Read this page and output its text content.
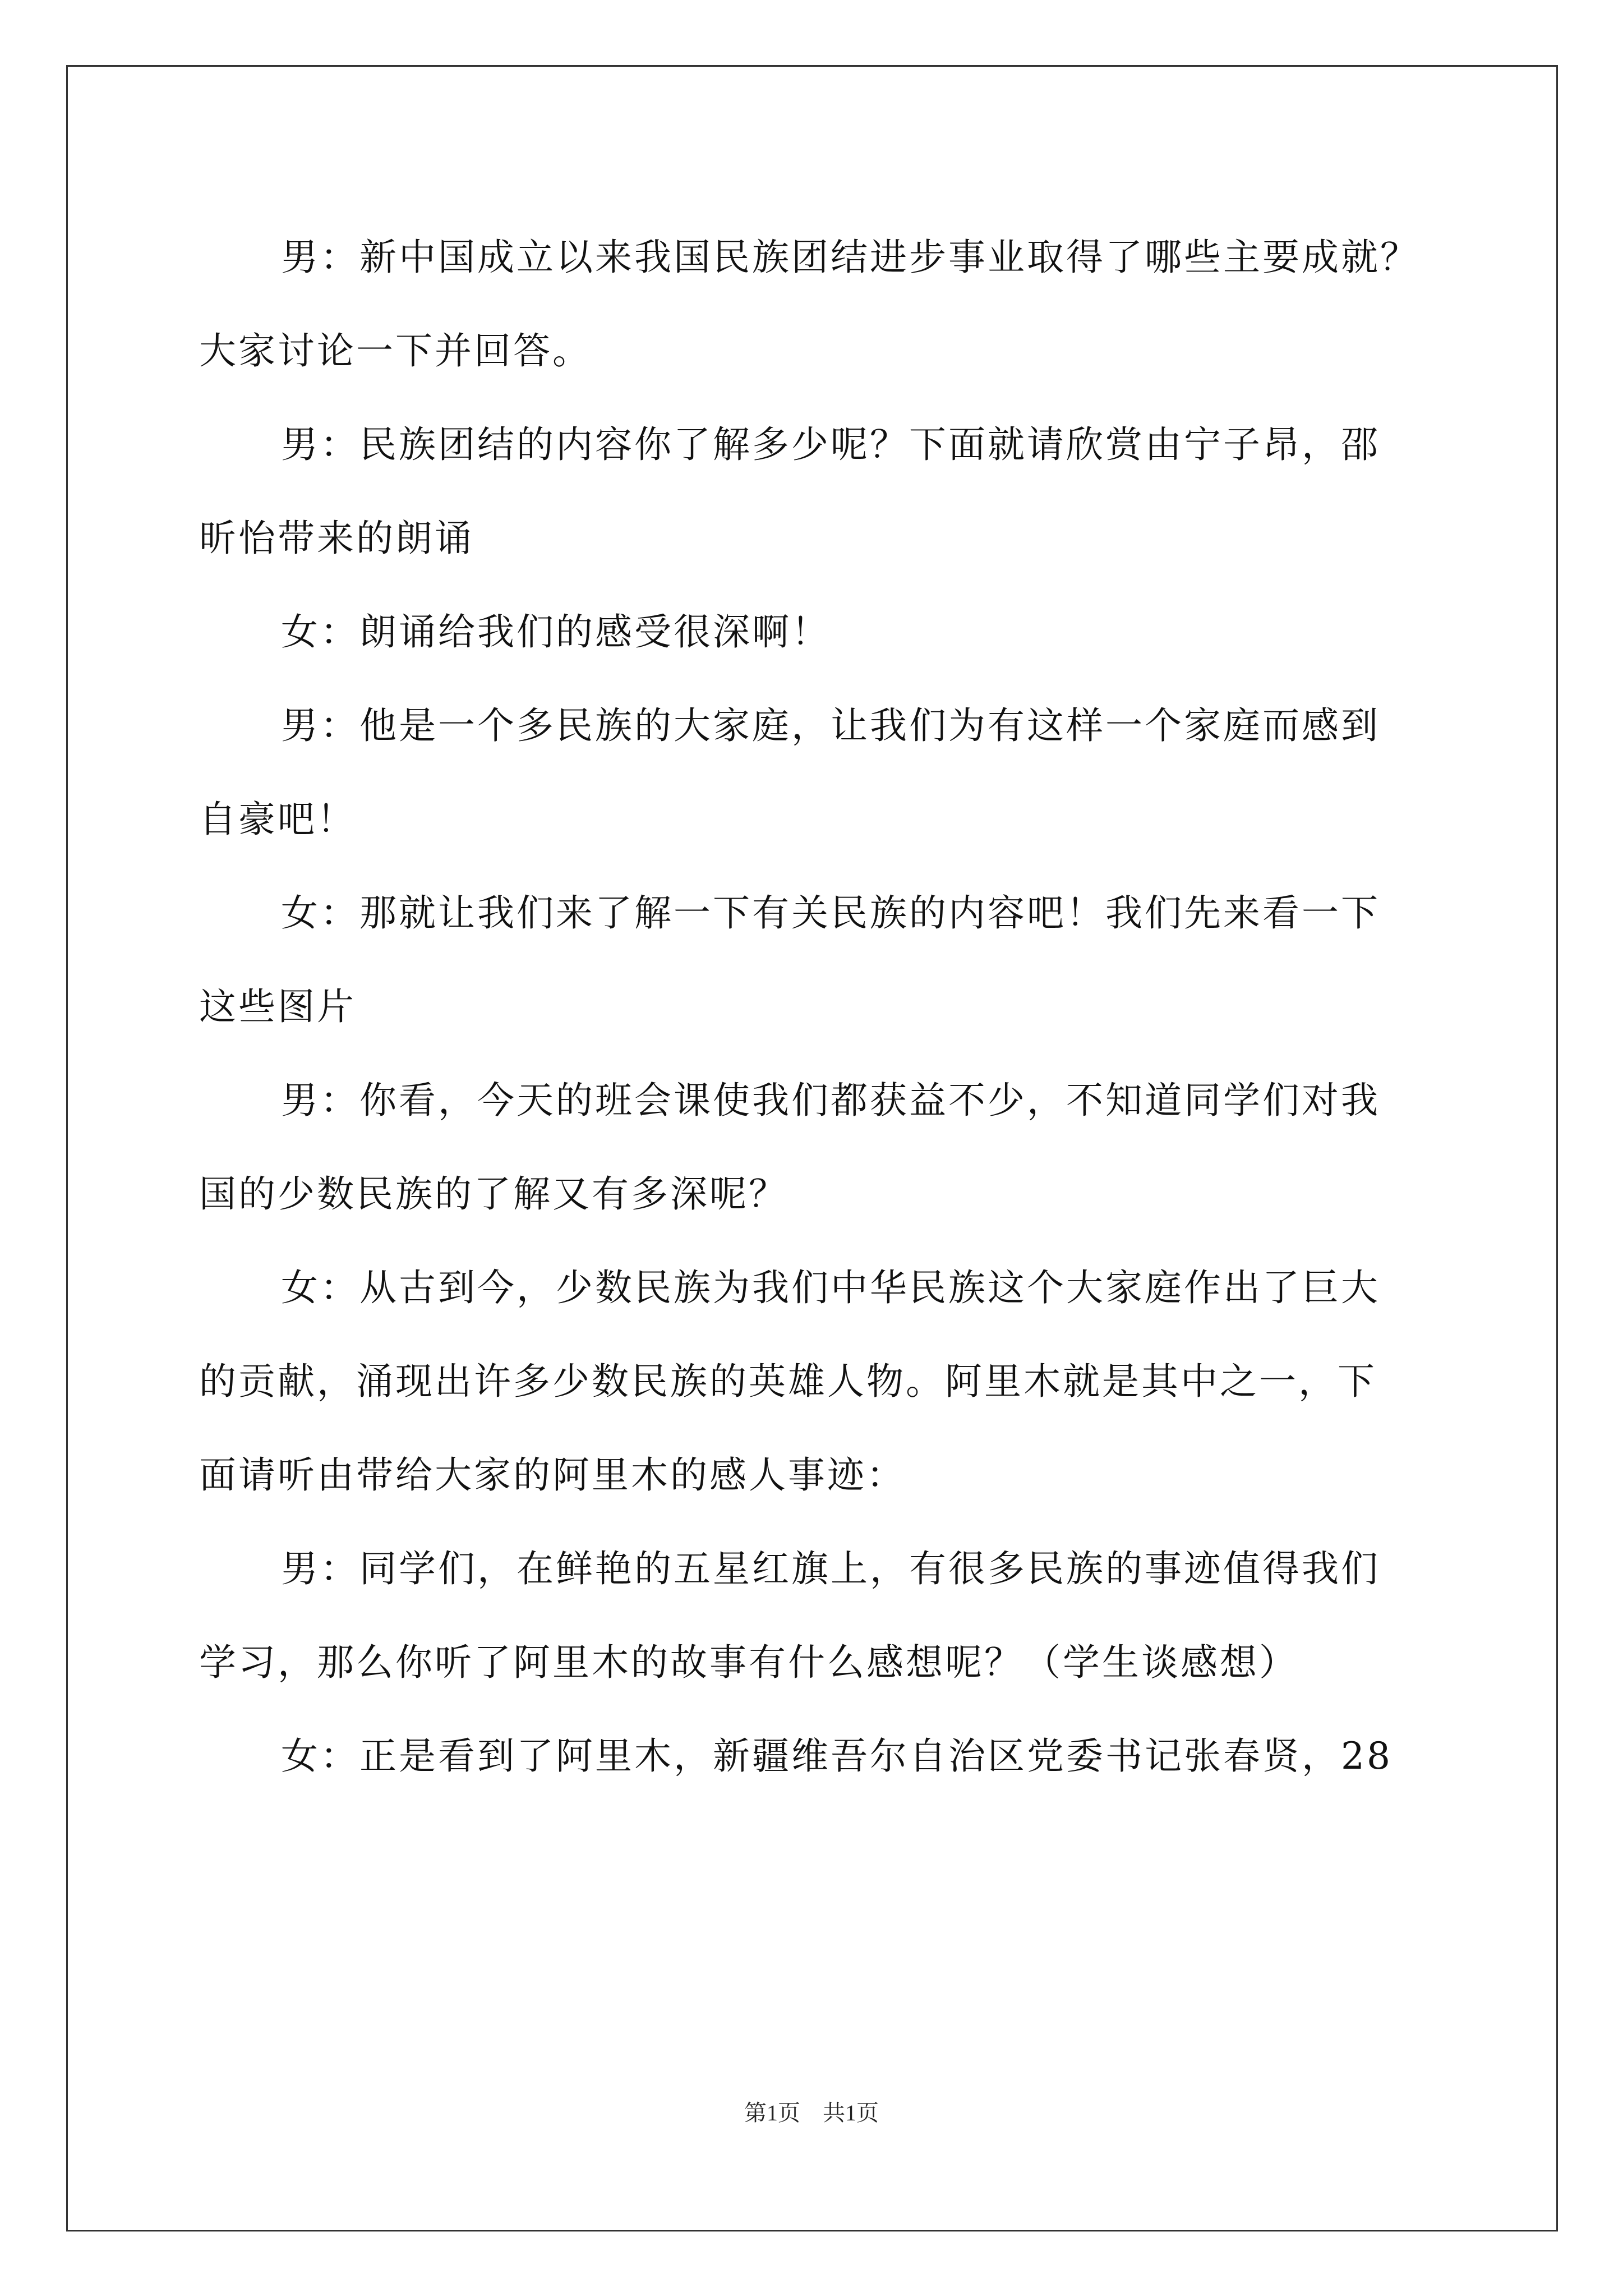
男：新中国成立以来我国民族团结进步事业取得了哪些主要成就？
大家讨论一下并回答。
男：民族团结的内容你了解多少呢？下面就请欣赏由宁子昂，邵
昕怡带来的朗诵
女：朗诵给我们的感受很深啊！
男：他是一个多民族的大家庭，让我们为有这样一个家庭而感到
自豪吧！
女：那就让我们来了解一下有关民族的内容吧！我们先来看一下
这些图片
男：你看，今天的班会课使我们都获益不少，不知道同学们对我
国的少数民族的了解又有多深呢？
女：从古到今，少数民族为我们中华民族这个大家庭作出了巨大
的贡献，涌现出许多少数民族的英雄人物。阿里木就是其中之一，下
面请听由带给大家的阿里木的感人事迹：
男：同学们，在鲜艳的五星红旗上，有很多民族的事迹值得我们
学习，那么你听了阿里木的故事有什么感想呢？（学生谈感想）
女：正是看到了阿里木，新疆维吾尔自治区党委书记张春贤，28
第1页　共1页
